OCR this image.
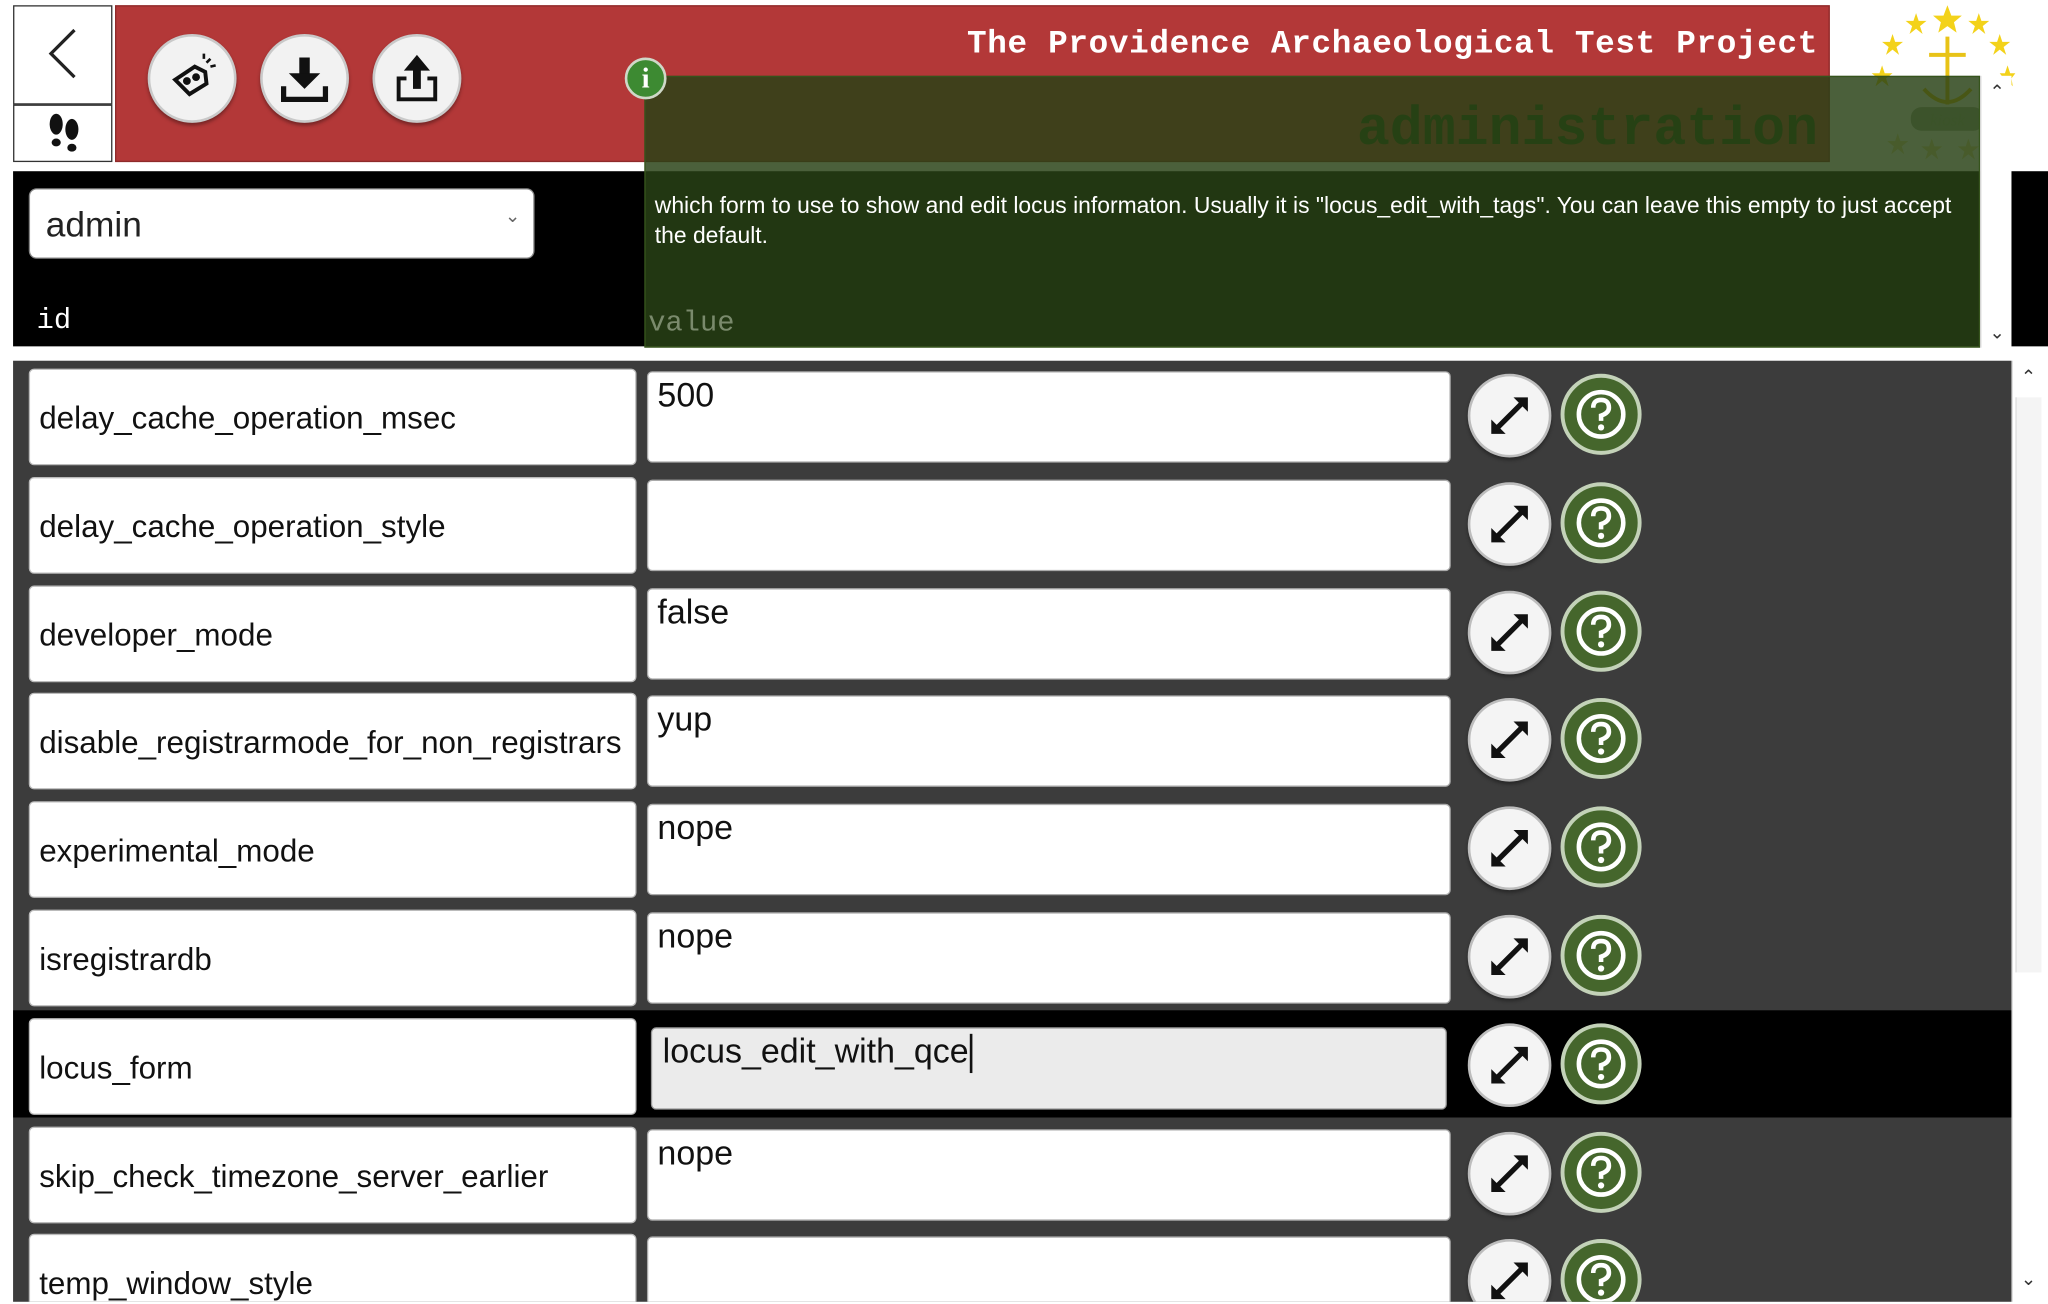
The Providence Archaeological Test Project
admin	⌄
id
which form to use to show and edit locus informaton. Usually it is "locus_edit_with_tags". You can leave this empty to just accept the default.
value
⌃
⌄
i
delay_cache_operation_msec
500
delay_cache_operation_style
developer_mode
false
disable_registrarmode_for_non_registrars
yup
experimental_mode
nope
isregistrardb
nope
locus_form	locus_edit_with_qce
skip_check_timezone_server_earlier
nope
temp_window_style
⌃
⌄
